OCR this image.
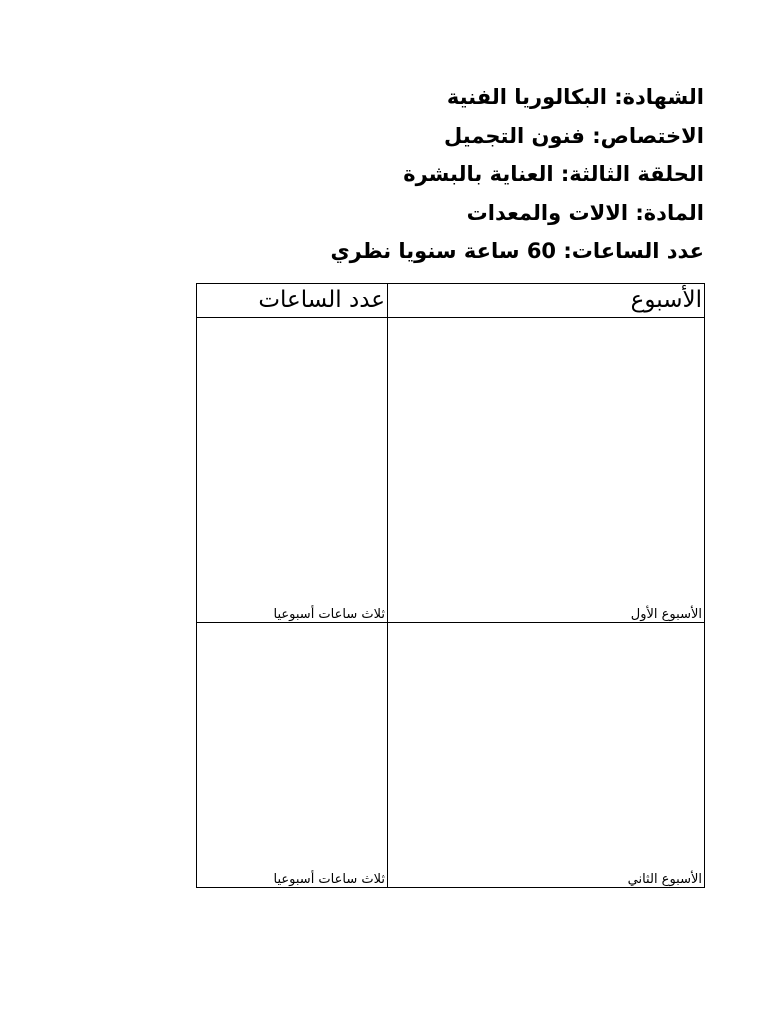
الشهادة: البكالوريا الفنية
الاختصاص: فنون التجميل
الحلقة الثالثة: العناية بالبشرة
المادة: الالات والمعدات
عدد الساعات: 60 ساعة سنويا نظري
الأسبوع	عدد الساعات
الأسبوع الأول	ثلاث ساعات أسبوعيا
الأسبوع الثاني	ثلاث ساعات أسبوعيا
